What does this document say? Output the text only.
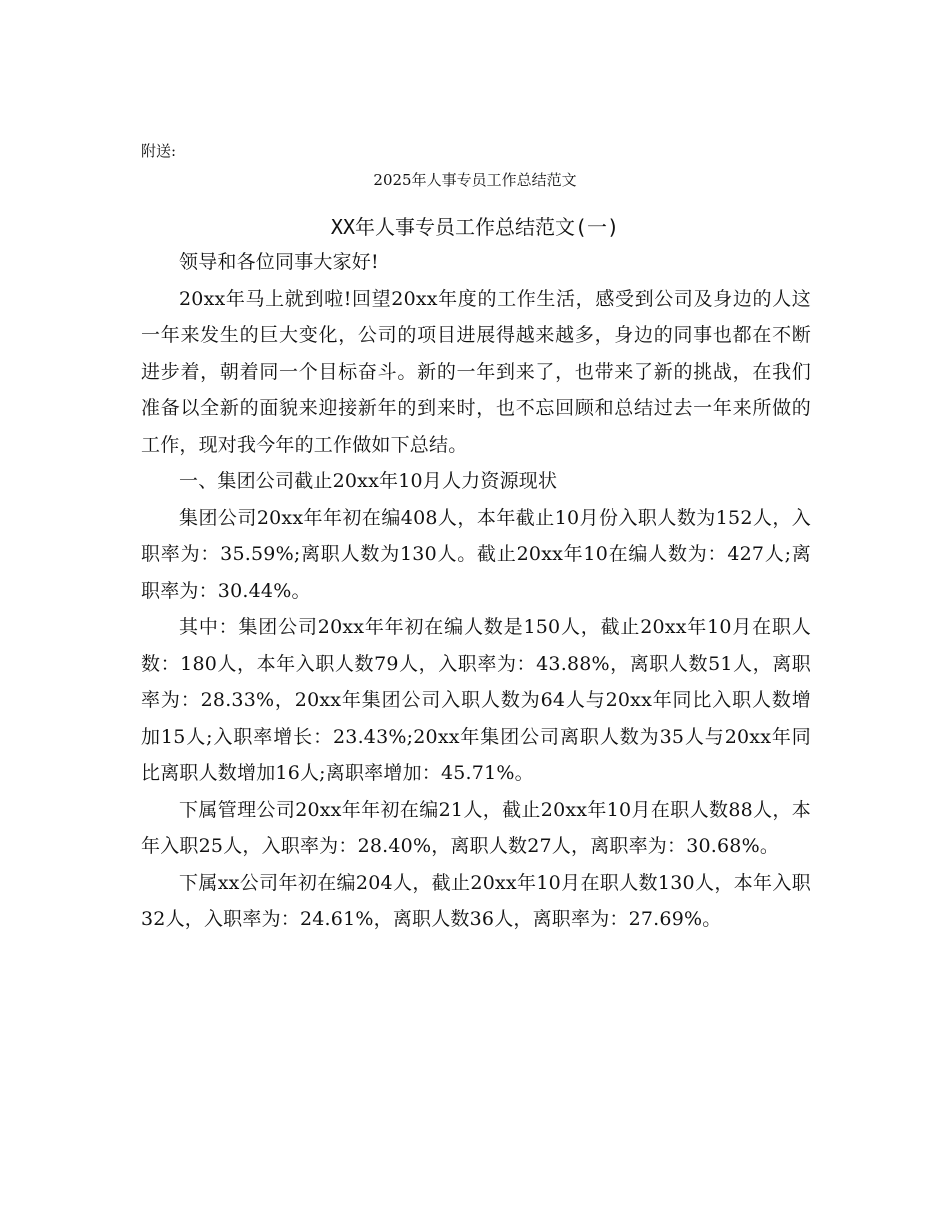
附送:
2025年人事专员工作总结范文
XX年人事专员工作总结范文(一)

领导和各位同事大家好!

20xx年马上就到啦!回望20xx年度的工作生活，感受到公司及身边的人这一年来发生的巨大变化，公司的项目进展得越来越多，身边的同事也都在不断进步着，朝着同一个目标奋斗。新的一年到来了，也带来了新的挑战，在我们准备以全新的面貌来迎接新年的到来时，也不忘回顾和总结过去一年来所做的工作，现对我今年的工作做如下总结。

一、集团公司截止20xx年10月人力资源现状

集团公司20xx年年初在编408人，本年截止10月份入职人数为152人，入职率为：35.59%;离职人数为130人。截止20xx年10在编人数为：427人;离职率为：30.44%。

其中：集团公司20xx年年初在编人数是150人，截止20xx年10月在职人数：180人，本年入职人数79人，入职率为：43.88%，离职人数51人，离职率为：28.33%，20xx年集团公司入职人数为64人与20xx年同比入职人数增加15人;入职率增长：23.43%;20xx年集团公司离职人数为35人与20xx年同比离职人数增加16人;离职率增加：45.71%。

下属管理公司20xx年年初在编21人，截止20xx年10月在职人数88人，本年入职25人，入职率为：28.40%，离职人数27人，离职率为：30.68%。

下属xx公司年初在编204人，截止20xx年10月在职人数130人，本年入职32人，入职率为：24.61%，离职人数36人，离职率为：27.69%。
